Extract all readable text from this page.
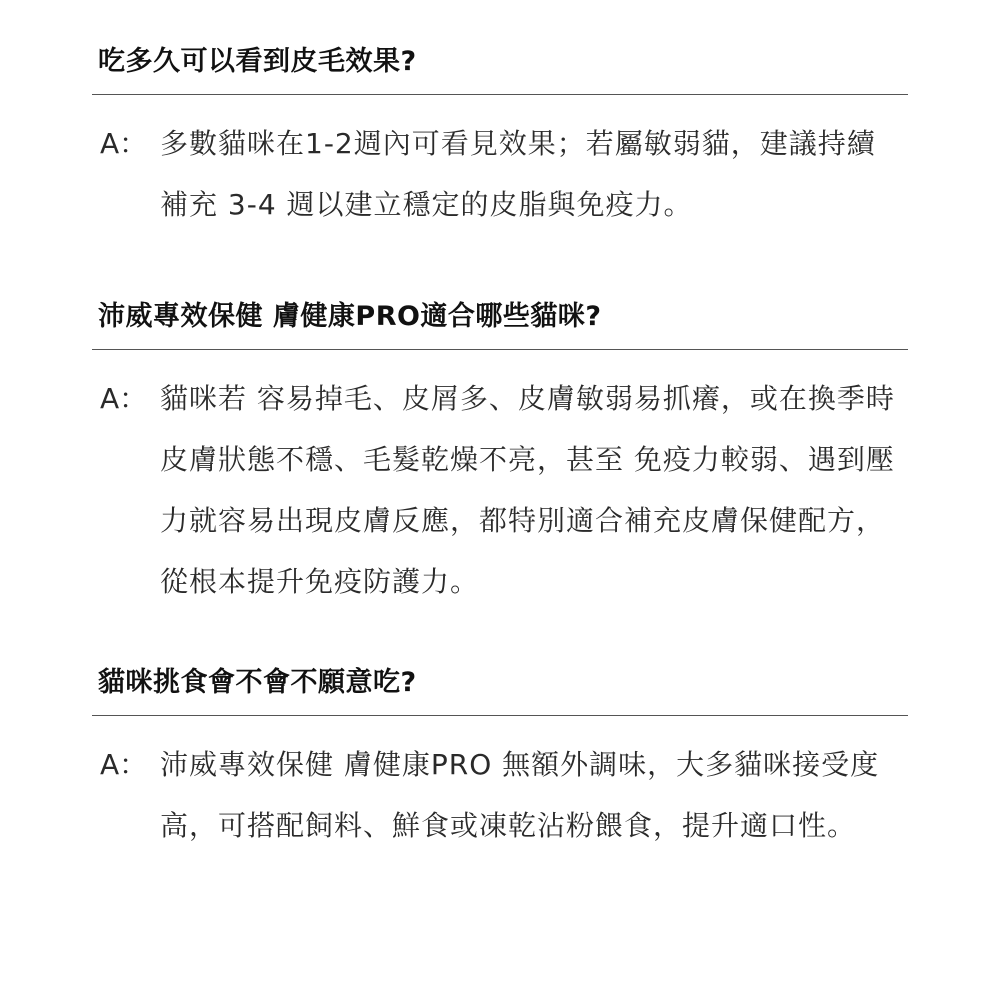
吃多久可以看到皮毛效果?
A： 多數貓咪在1-2週內可看見效果；若屬敏弱貓，建議持續補充 3-4 週以建立穩定的皮脂與免疫力。
沛威專效保健 膚健康PRO適合哪些貓咪?
A： 貓咪若 容易掉毛、皮屑多、皮膚敏弱易抓癢，或在換季時皮膚狀態不穩、毛髮乾燥不亮，甚至 免疫力較弱、遇到壓力就容易出現皮膚反應，都特別適合補充皮膚保健配方，從根本提升免疫防護力。
貓咪挑食會不會不願意吃?
A： 沛威專效保健 膚健康PRO 無額外調味，大多貓咪接受度高，可搭配飼料、鮮食或凍乾沾粉餵食，提升適口性。
